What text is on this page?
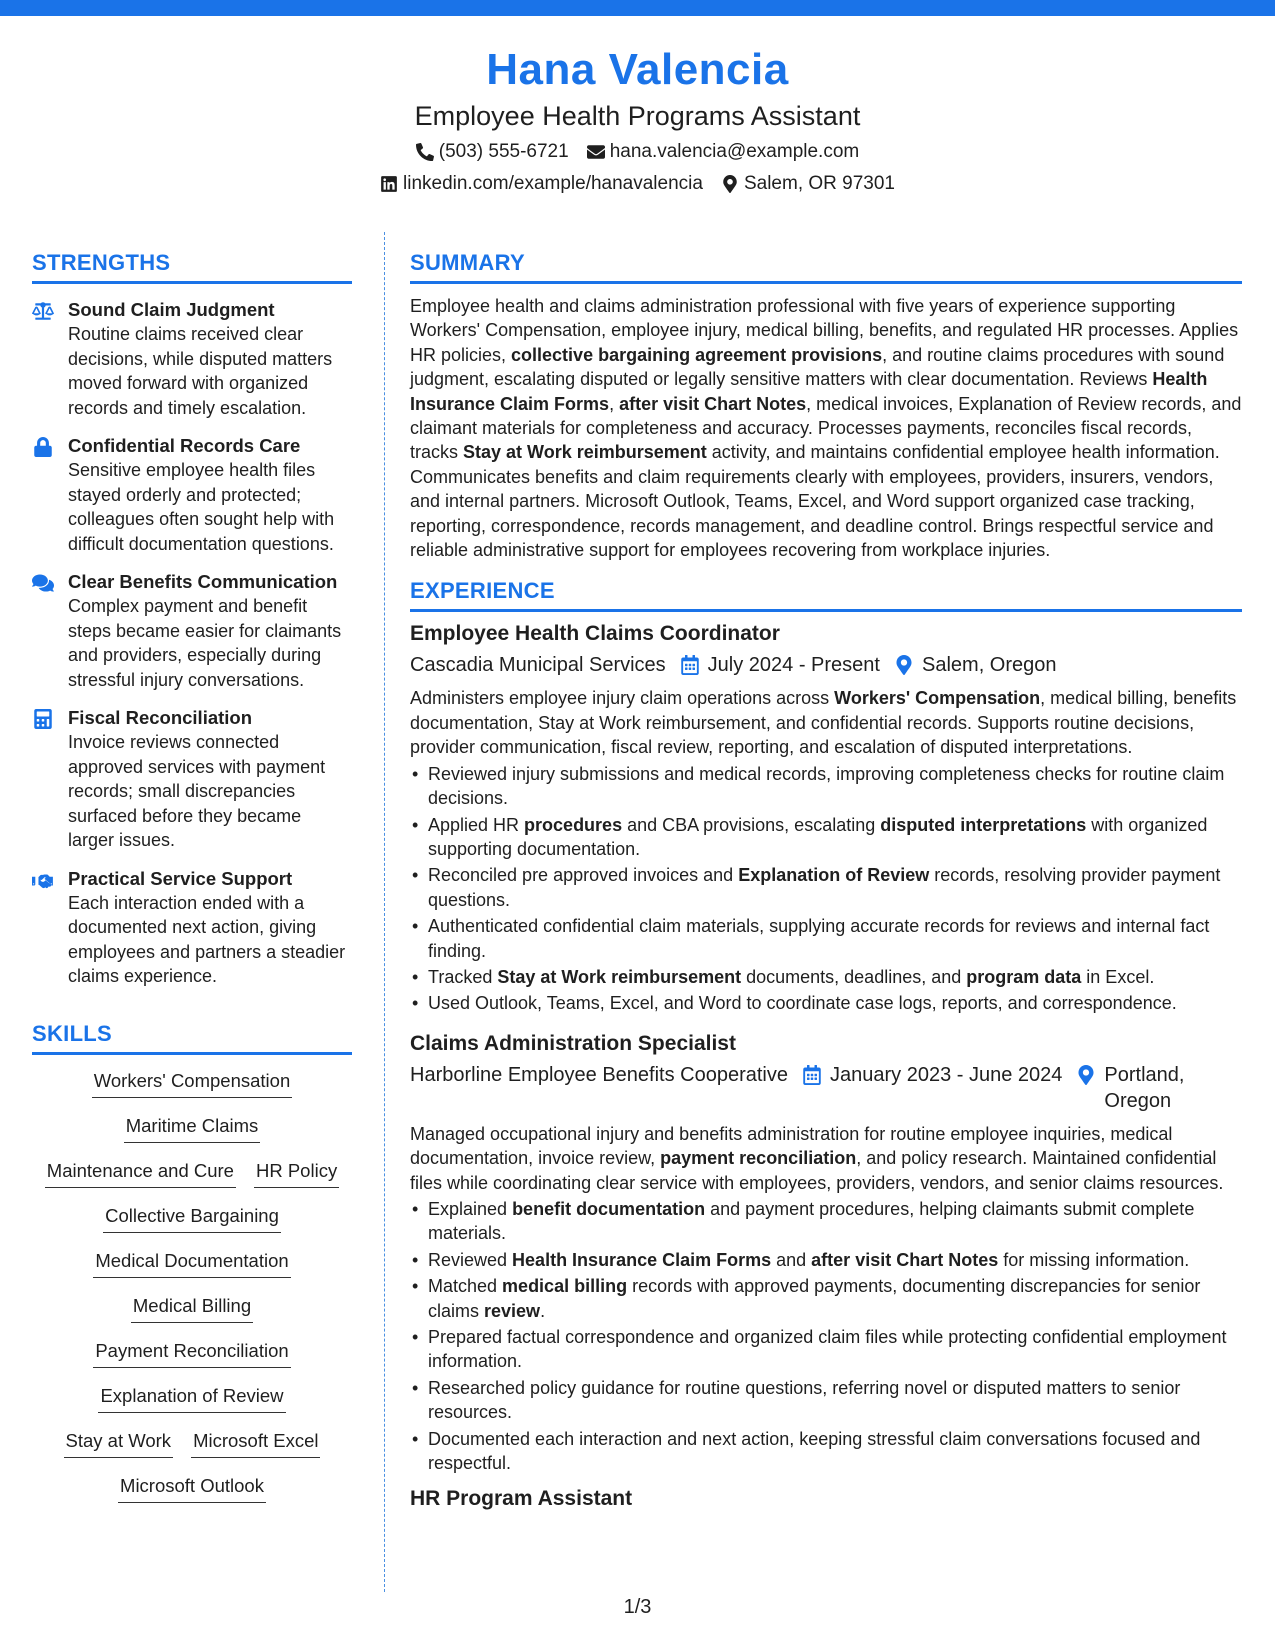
Hana Valencia
Employee Health Programs Assistant
(503) 555-6721 hana.valencia@example.com
linkedin.com/example/hanavalencia Salem, OR 97301
STRENGTHS
Sound Claim Judgment
Routine claims received clear decisions, while disputed matters moved forward with organized records and timely escalation.
Confidential Records Care
Sensitive employee health files stayed orderly and protected; colleagues often sought help with difficult documentation questions.
Clear Benefits Communication
Complex payment and benefit steps became easier for claimants and providers, especially during stressful injury conversations.
Fiscal Reconciliation
Invoice reviews connected approved services with payment records; small discrepancies surfaced before they became larger issues.
Practical Service Support
Each interaction ended with a documented next action, giving employees and partners a steadier claims experience.
SKILLS
Workers' Compensation
Maritime Claims
Maintenance and Cure HR Policy
Collective Bargaining
Medical Documentation
Medical Billing
Payment Reconciliation
Explanation of Review
Stay at Work Microsoft Excel
Microsoft Outlook
SUMMARY
Employee health and claims administration professional with five years of experience supporting Workers' Compensation, employee injury, medical billing, benefits, and regulated HR processes. Applies HR policies, collective bargaining agreement provisions, and routine claims procedures with sound judgment, escalating disputed or legally sensitive matters with clear documentation. Reviews Health Insurance Claim Forms, after visit Chart Notes, medical invoices, Explanation of Review records, and claimant materials for completeness and accuracy. Processes payments, reconciles fiscal records, tracks Stay at Work reimbursement activity, and maintains confidential employee health information. Communicates benefits and claim requirements clearly with employees, providers, insurers, vendors, and internal partners. Microsoft Outlook, Teams, Excel, and Word support organized case tracking, reporting, correspondence, records management, and deadline control. Brings respectful service and reliable administrative support for employees recovering from workplace injuries.
EXPERIENCE
Employee Health Claims Coordinator
Cascadia Municipal Services July 2024 - Present Salem, Oregon
Administers employee injury claim operations across Workers' Compensation, medical billing, benefits documentation, Stay at Work reimbursement, and confidential records. Supports routine decisions, provider communication, fiscal review, reporting, and escalation of disputed interpretations.
• Reviewed injury submissions and medical records, improving completeness checks for routine claim decisions.
• Applied HR procedures and CBA provisions, escalating disputed interpretations with organized supporting documentation.
• Reconciled pre approved invoices and Explanation of Review records, resolving provider payment questions.
• Authenticated confidential claim materials, supplying accurate records for reviews and internal fact finding.
• Tracked Stay at Work reimbursement documents, deadlines, and program data in Excel.
• Used Outlook, Teams, Excel, and Word to coordinate case logs, reports, and correspondence.
Claims Administration Specialist
Harborline Employee Benefits Cooperative January 2023 - June 2024 Portland, Oregon
Managed occupational injury and benefits administration for routine employee inquiries, medical documentation, invoice review, payment reconciliation, and policy research. Maintained confidential files while coordinating clear service with employees, providers, vendors, and senior claims resources.
• Explained benefit documentation and payment procedures, helping claimants submit complete materials.
• Reviewed Health Insurance Claim Forms and after visit Chart Notes for missing information.
• Matched medical billing records with approved payments, documenting discrepancies for senior claims review.
• Prepared factual correspondence and organized claim files while protecting confidential employment information.
• Researched policy guidance for routine questions, referring novel or disputed matters to senior resources.
• Documented each interaction and next action, keeping stressful claim conversations focused and respectful.
HR Program Assistant
1/3
